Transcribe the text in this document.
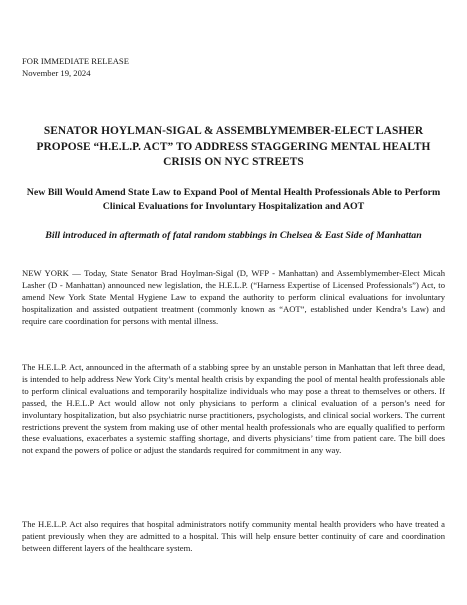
FOR IMMEDIATE RELEASE
November 19, 2024
SENATOR HOYLMAN-SIGAL & ASSEMBLYMEMBER-ELECT LASHER PROPOSE “H.E.L.P. ACT” TO ADDRESS STAGGERING MENTAL HEALTH CRISIS ON NYC STREETS
New Bill Would Amend State Law to Expand Pool of Mental Health Professionals Able to Perform Clinical Evaluations for Involuntary Hospitalization and AOT
Bill introduced in aftermath of fatal random stabbings in Chelsea & East Side of Manhattan

NEW YORK — Today, State Senator Brad Hoylman-Sigal (D, WFP - Manhattan) and Assemblymember-Elect Micah Lasher (D - Manhattan) announced new legislation, the H.E.L.P. (“Harness Expertise of Licensed Professionals”) Act, to amend New York State Mental Hygiene Law to expand the authority to perform clinical evaluations for involuntary hospitalization and assisted outpatient treatment (commonly known as “AOT”, established under Kendra’s Law) and require care coordination for persons with mental illness.

The H.E.L.P. Act, announced in the aftermath of a stabbing spree by an unstable person in Manhattan that left three dead, is intended to help address New York City’s mental health crisis by expanding the pool of mental health professionals able to perform clinical evaluations and temporarily hospitalize individuals who may pose a threat to themselves or others. If passed, the H.E.L.P Act would allow not only physicians to perform a clinical evaluation of a person’s need for involuntary hospitalization, but also psychiatric nurse practitioners, psychologists, and clinical social workers. The current restrictions prevent the system from making use of other mental health professionals who are equally qualified to perform these evaluations, exacerbates a systemic staffing shortage, and diverts physicians’ time from patient care. The bill does not expand the powers of police or adjust the standards required for commitment in any way.

The H.E.L.P. Act also requires that hospital administrators notify community mental health providers who have treated a patient previously when they are admitted to a hospital. This will help ensure better continuity of care and coordination between different layers of the healthcare system.
